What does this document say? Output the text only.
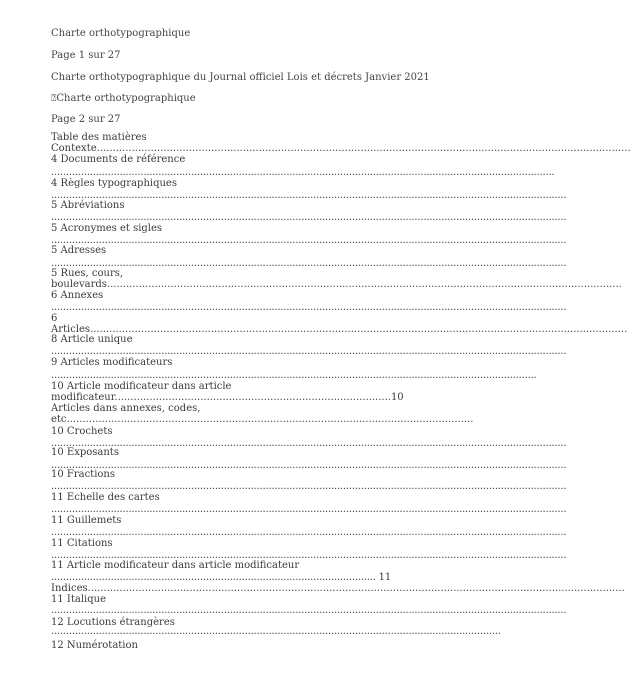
Charte orthotypographique
Page 1 sur 27
Charte orthotypographique du Journal officiel Lois et décrets Janvier 2021
⍰Charte orthotypographique
Page 2 sur 27
Table des matières
Contexte........................................................................................................................................................................
4 Documents de référence
.........................................................................................................................................................................
4 Règles typographiques
.............................................................................................................................................................................
5 Abréviations
.............................................................................................................................................................................
5 Acronymes et sigles
.............................................................................................................................................................................
5 Adresses
.............................................................................................................................................................................
5 Rues, cours,
boulevards..................................................................................................................................................................
6 Annexes
.............................................................................................................................................................................
6
Articles.........................................................................................................................................................................
8 Article unique
.............................................................................................................................................................................
9 Articles modificateurs
...................................................................................................................................................................
10 Article modificateur dans article
modificateur.......................................................................................10
Articles dans annexes, codes,
etc................................................................................................................................
10 Crochets
.............................................................................................................................................................................
10 Exposants
.............................................................................................................................................................................
10 Fractions
.............................................................................................................................................................................
11 Echelle des cartes
.............................................................................................................................................................................
11 Guillemets
.............................................................................................................................................................................
11 Citations
.............................................................................................................................................................................
11 Article modificateur dans article modificateur
............................................................................................................. 11
Indices.........................................................................................................................................................................
11 Italique
.............................................................................................................................................................................
12 Locutions étrangères
.......................................................................................................................................................
12 Numérotation
